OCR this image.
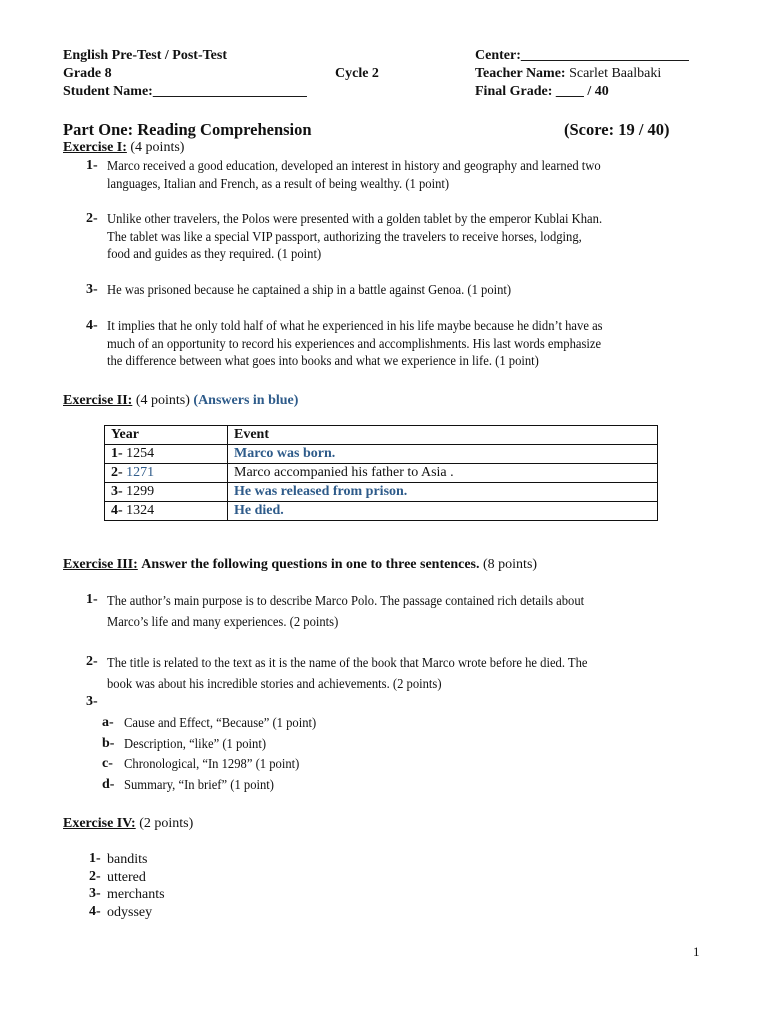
English Pre-Test / Post-Test
Grade 8
Student Name:______________________
Cycle 2
Center:________________________
Teacher Name: Scarlet Baalbaki
Final Grade: ____ / 40
Part One: Reading Comprehension	(Score: 19 / 40)
Exercise I: (4 points)
1- Marco received a good education, developed an interest in history and geography and learned two
languages, Italian and French, as a result of being wealthy. (1 point)
2- Unlike other travelers, the Polos were presented with a golden tablet by the emperor Kublai Khan.
The tablet was like a special VIP passport, authorizing the travelers to receive horses, lodging,
food and guides as they required. (1 point)
3- He was prisoned because he captained a ship in a battle against Genoa. (1 point)
4- It implies that he only told half of what he experienced in his life maybe because he didn’t have as
much of an opportunity to record his experiences and accomplishments. His last words emphasize
the difference between what goes into books and what we experience in life. (1 point)
Exercise II: (4 points) (Answers in blue)
Year	Event
1- 1254	Marco was born.
2- 1271	Marco accompanied his father to Asia .
3- 1299	He was released from prison.
4- 1324	He died.
Exercise III: Answer the following questions in one to three sentences. (8 points)
1- The author’s main purpose is to describe Marco Polo. The passage contained rich details about
Marco’s life and many experiences. (2 points)
2- The title is related to the text as it is the name of the book that Marco wrote before he died. The
book was about his incredible stories and achievements. (2 points)
3-
a- Cause and Effect, “Because” (1 point)
b- Description, “like” (1 point)
c- Chronological, “In 1298” (1 point)
d- Summary, “In brief” (1 point)
Exercise IV: (2 points)
1- bandits
2- uttered
3- merchants
4- odyssey
1
